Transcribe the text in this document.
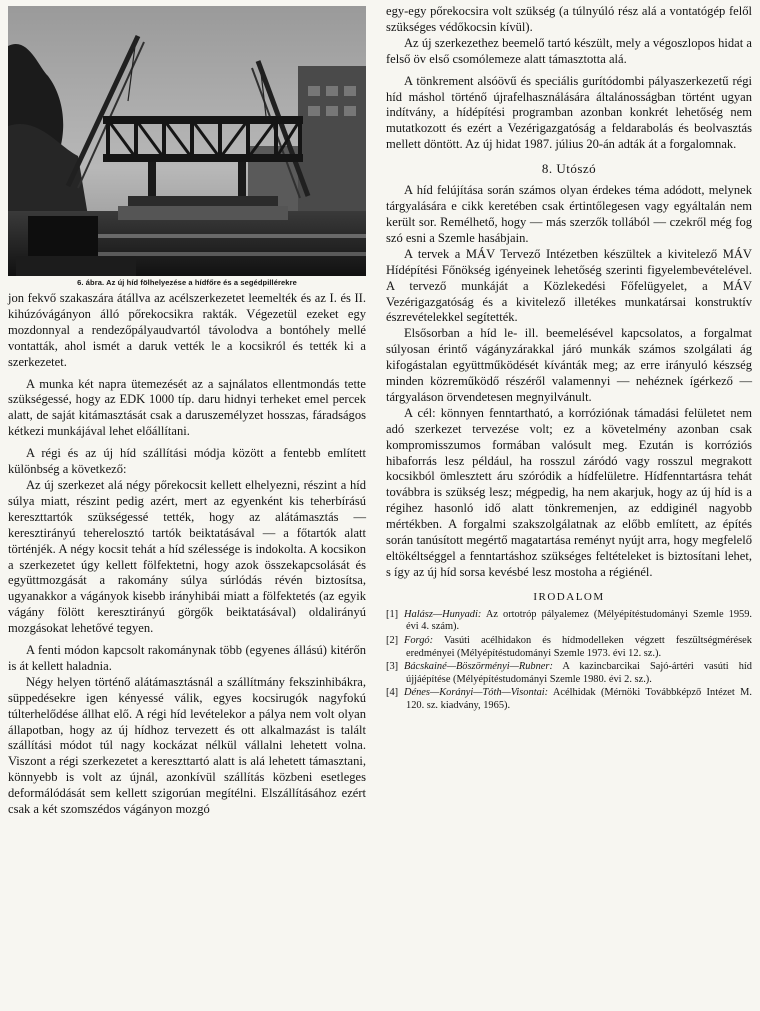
6. ábra. Az új híd fölhelyezése a hídfőre és a segédpillérekre

jon fekvő szakaszára átállva az acélszerkezetet leemelték és az I. és II. kihúzóvágányon álló pőrekocsikra rakták. Végezetül ezeket egy mozdonnyal a rendezőpályaudvartól távolodva a bontóhely mellé vontatták, ahol ismét a daruk vették le a kocsikról és tették ki a szerkezetet.

A munka két napra ütemezését az a sajnálatos ellentmondás tette szükségessé, hogy az EDK 1000 típ. daru hidnyi terheket emel percek alatt, de saját kitámasztását csak a daruszemélyzet hosszas, fáradságos kétkezi munkájával lehet előállítani.

A régi és az új híd szállítási módja között a fentebb említett különbség a következő:

Az új szerkezet alá négy pőrekocsit kellett elhelyezni, részint a híd súlya miatt, részint pedig azért, mert az egyenként kis teherbírású kereszttartók szükségessé tették, hogy az alátámasztás — keresztirányú teherelosztó tartók beiktatásával — a főtartók alatt történjék. A négy kocsit tehát a híd szélessége is indokolta. A kocsikon a szerkezetet úgy kellett fölfektetni, hogy azok összekapcsolását és együttmozgását a rakomány súlya súrlódás révén biztosítsa, ugyanakkor a vágányok kisebb irányhibái miatt a fölfektetés (az egyik vágány fölött keresztirányú görgők beiktatásával) oldalirányú mozgásokat lehetővé tegyen.

A fenti módon kapcsolt rakománynak több (egyenes állású) kitérőn is át kellett haladnia.

Négy helyen történő alátámasztásnál a szállítmány fekszinhibákra, süppedésekre igen kényessé válik, egyes kocsirugók nagyfokú túlterhelődése állhat elő. A régi híd levételekor a pálya nem volt olyan állapotban, hogy az új hídhoz tervezett és ott alkalmazást is talált szállítási módot túl nagy kockázat nélkül vállalni lehetett volna. Viszont a régi szerkezetet a kereszttartó alatt is alá lehetett támasztani, könnyebb is volt az újnál, azonkívül szállítás közbeni esetleges deformálódását sem kellett szigorúan megítélni. Elszállításához ezért csak a két szomszédos vágányon mozgó

egy-egy pőrekocsira volt szükség (a túlnyúló rész alá a vontatógép felől szükséges védőkocsin kívül).

Az új szerkezethez beemelő tartó készült, mely a végoszlopos hidat a felső öv első csomólemeze alatt támasztotta alá.

A tönkrement alsóövű és speciális gurítódombi pályaszerkezetű régi híd máshol történő újrafelhasználására általánosságban történt ugyan indítvány, a hídépítési programban azonban konkrét lehetőség nem mutatkozott és ezért a Vezérigazgatóság a feldarabolás és beolvasztás mellett döntött. Az új hidat 1987. július 20-án adták át a forgalomnak.

8. Utószó

A híd felújítása során számos olyan érdekes téma adódott, melynek tárgyalására e cikk keretében csak értintőlegesen vagy egyáltalán nem került sor. Remélhető, hogy — más szerzők tollából — czekről még fog szó esni a Szemle hasábjain.

A tervek a MÁV Tervező Intézetben készültek a kivitelező MÁV Hídépítési Főnökség igényeinek lehetőség szerinti figyelembevételével. A tervező munkáját a Közlekedési Főfelügyelet, a MÁV Vezérigazgatóság és a kivitelező illetékes munkatársai konstruktív észrevételekkel segítették.

Elsősorban a híd le- ill. beemelésével kapcsolatos, a forgalmat súlyosan érintő vágányzárakkal járó munkák számos szolgálati ág kifogástalan együttműködését kívánták meg; az erre irányuló készség minden közreműködő részéről valamennyi — nehéznek ígérkező — tárgyaláson örvendetesen megnyilvánult.

A cél: könnyen fenntartható, a korróziónak támadási felületet nem adó szerkezet tervezése volt; ez a követelmény azonban csak kompromisszumos formában valósult meg. Ezután is korróziós hibaforrás lesz például, ha rosszul záródó vagy rosszul megrakott kocsikból ömlesztett áru szóródik a hídfelületre. Hídfenntartásra tehát továbbra is szükség lesz; mégpedig, ha nem akarjuk, hogy az új híd is a régihez hasonló idő alatt tönkremenjen, az eddiginél nagyobb mértékben. A forgalmi szakszolgálatnak az előbb említett, az építés során tanúsított megértő magatartása reményt nyújt arra, hogy megfelelő eltökéltséggel a fenntartáshoz szükséges feltételeket is biztosítani lehet, s így az új híd sorsa kevésbé lesz mostoha a régiénél.

IRODALOM
[1] Halász—Hunyadi: Az ortotróp pályalemez (Mélyépítéstudományi Szemle 1959. évi 4. szám).
[2] Forgó: Vasúti acélhidakon és hídmodelleken végzett feszültségmérések eredményei (Mélyépítéstudományi Szemle 1973. évi 12. sz.).
[3] Bácskainé—Böszörményi—Rubner: A kazincbarcikai Sajó-ártéri vasúti híd újjáépítése (Mélyépítéstudományi Szemle 1980. évi 2. sz.).
[4] Dénes—Korányi—Tóth—Visontai: Acélhidak (Mérnöki Továbbképző Intézet M. 120. sz. kiadvány, 1965).
